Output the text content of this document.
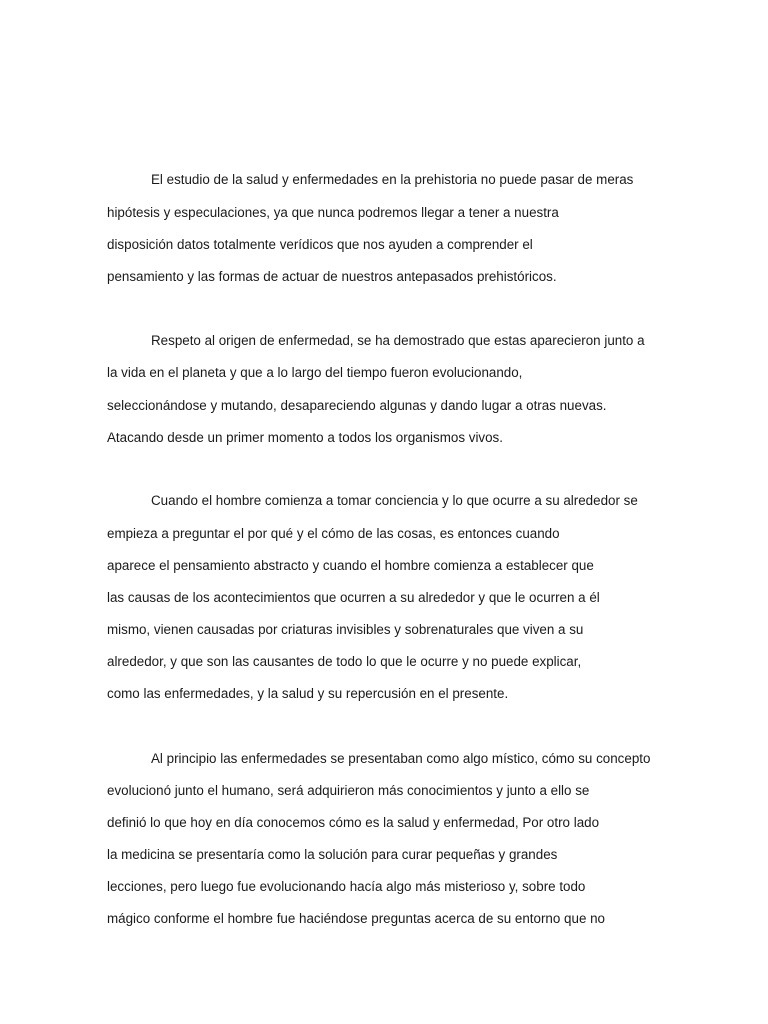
El estudio de la salud y enfermedades en la prehistoria no puede pasar de meras
hipótesis y especulaciones, ya que nunca podremos llegar a tener a nuestra
disposición datos totalmente verídicos que nos ayuden a comprender el
pensamiento y las formas de actuar de nuestros antepasados prehistóricos.
Respeto al origen de enfermedad, se ha demostrado que estas aparecieron junto a
la vida en el planeta y que a lo largo del tiempo fueron evolucionando,
seleccionándose y mutando, desapareciendo algunas y dando lugar a otras nuevas.
Atacando desde un primer momento a todos los organismos vivos.
Cuando el hombre comienza a tomar conciencia y lo que ocurre a su alrededor se
empieza a preguntar el por qué y el cómo de las cosas, es entonces cuando
aparece el pensamiento abstracto y cuando el hombre comienza a establecer que
las causas de los acontecimientos que ocurren a su alrededor y que le ocurren a él
mismo, vienen causadas por criaturas invisibles y sobrenaturales que viven a su
alrededor, y que son las causantes de todo lo que le ocurre y no puede explicar,
como las enfermedades, y la salud y su repercusión en el presente.
Al principio las enfermedades se presentaban como algo místico, cómo su concepto
evolucionó junto el humano, será adquirieron más conocimientos y junto a ello se
definió lo que hoy en día conocemos cómo es la salud y enfermedad, Por otro lado
la medicina se presentaría como la solución para curar pequeñas y grandes
lecciones, pero luego fue evolucionando hacía algo más misterioso y, sobre todo
mágico conforme el hombre fue haciéndose preguntas acerca de su entorno que no
